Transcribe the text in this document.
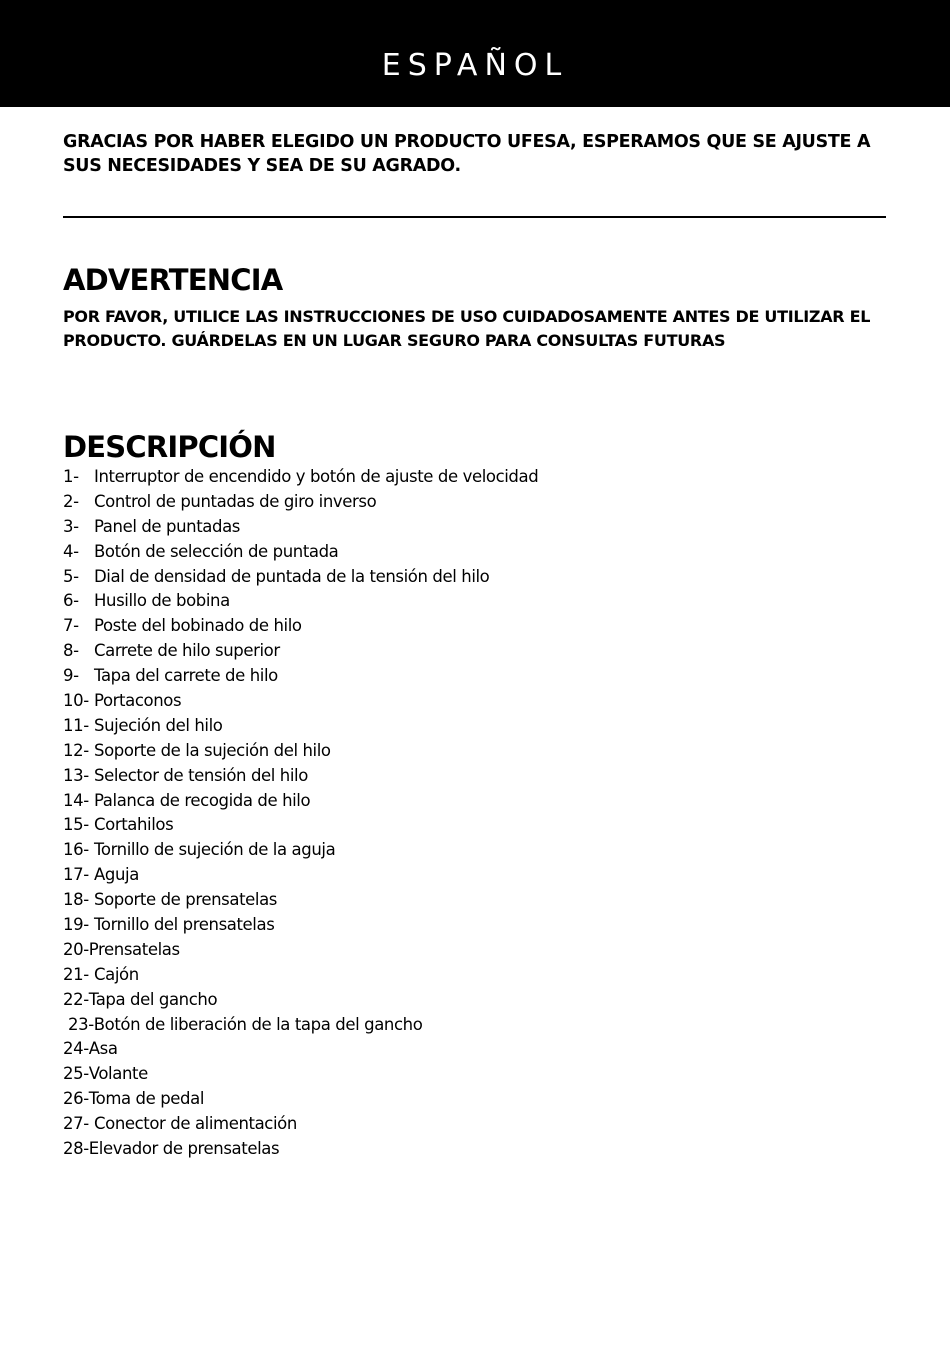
ESPAÑOL
GRACIAS POR HABER ELEGIDO UN PRODUCTO UFESA, ESPERAMOS QUE SE AJUSTE A SUS NECESIDADES Y SEA DE SU AGRADO.
ADVERTENCIA
POR FAVOR, UTILICE LAS INSTRUCCIONES DE USO CUIDADOSAMENTE ANTES DE UTILIZAR EL PRODUCTO. GUÁRDELAS EN UN LUGAR SEGURO PARA CONSULTAS FUTURAS
DESCRIPCIÓN
1- Interruptor de encendido y botón de ajuste de velocidad
2- Control de puntadas de giro inverso
3- Panel de puntadas
4- Botón de selección de puntada
5- Dial de densidad de puntada de la tensión del hilo
6- Husillo de bobina
7- Poste del bobinado de hilo
8- Carrete de hilo superior
9- Tapa del carrete de hilo
10- Portaconos
11- Sujeción del hilo
12- Soporte de la sujeción del hilo
13- Selector de tensión del hilo
14- Palanca de recogida de hilo
15- Cortahilos
16- Tornillo de sujeción de la aguja
17- Aguja
18- Soporte de prensatelas
19- Tornillo del prensatelas
20-Prensatelas
21- Cajón
22-Tapa del gancho
23-Botón de liberación de la tapa del gancho
24-Asa
25-Volante
26-Toma de pedal
27- Conector de alimentación
28-Elevador de prensatelas
